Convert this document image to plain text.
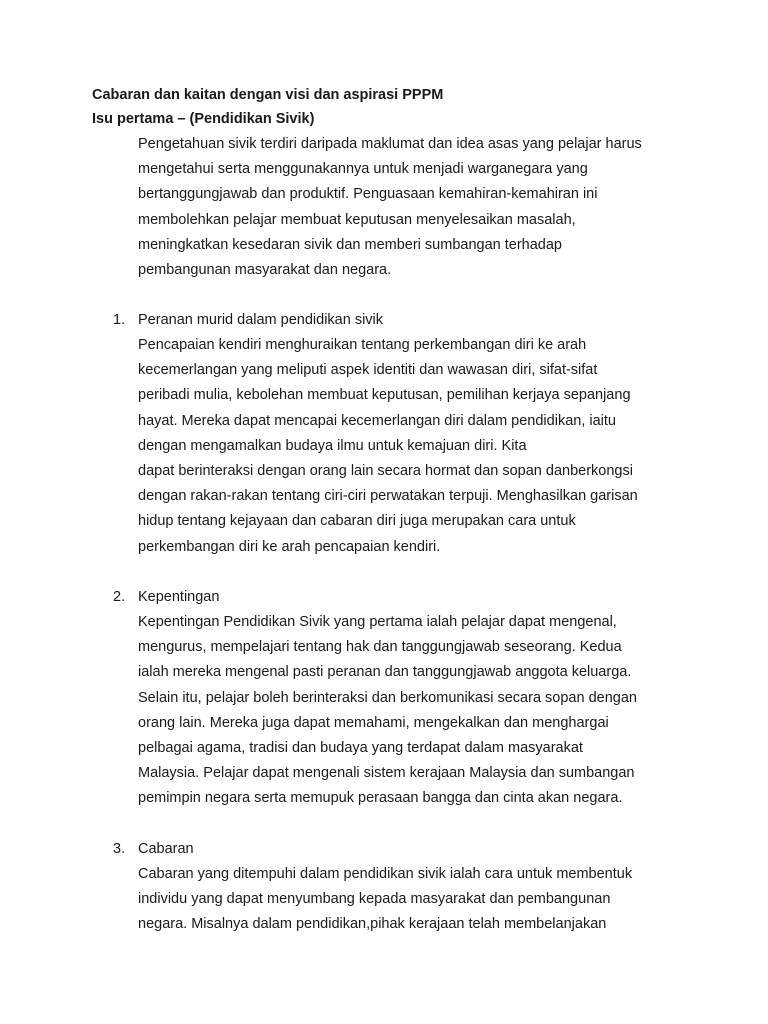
Cabaran dan kaitan dengan visi dan aspirasi PPPM
Isu pertama – (Pendidikan Sivik)
Pengetahuan sivik terdiri daripada maklumat dan idea asas yang pelajar harus
mengetahui serta menggunakannya untuk menjadi warganegara yang
bertanggungjawab dan produktif. Penguasaan kemahiran-kemahiran ini
membolehkan pelajar membuat keputusan menyelesaikan masalah,
meningkatkan kesedaran sivik dan memberi sumbangan terhadap
pembangunan masyarakat dan negara.
1. Peranan murid dalam pendidikan sivik
Pencapaian kendiri menghuraikan tentang perkembangan diri ke arah
kecemerlangan yang meliputi aspek identiti dan wawasan diri, sifat-sifat
peribadi mulia, kebolehan membuat keputusan, pemilihan kerjaya sepanjang
hayat. Mereka dapat mencapai kecemerlangan diri dalam pendidikan, iaitu
dengan mengamalkan budaya ilmu untuk kemajuan diri. Kita
dapat berinteraksi dengan orang lain secara hormat dan sopan danberkongsi
dengan rakan-rakan tentang ciri-ciri perwatakan terpuji. Menghasilkan garisan
hidup tentang kejayaan dan cabaran diri juga merupakan cara untuk
perkembangan diri ke arah pencapaian kendiri.
2. Kepentingan
Kepentingan Pendidikan Sivik yang pertama ialah pelajar dapat mengenal,
mengurus, mempelajari tentang hak dan tanggungjawab seseorang. Kedua
ialah mereka mengenal pasti peranan dan tanggungjawab anggota keluarga.
Selain itu, pelajar boleh berinteraksi dan berkomunikasi secara sopan dengan
orang lain. Mereka juga dapat memahami, mengekalkan dan menghargai
pelbagai agama, tradisi dan budaya yang terdapat dalam masyarakat
Malaysia. Pelajar dapat mengenali sistem kerajaan Malaysia dan sumbangan
pemimpin negara serta memupuk perasaan bangga dan cinta akan negara.
3. Cabaran
Cabaran yang ditempuhi dalam pendidikan sivik ialah cara untuk membentuk
individu yang dapat menyumbang kepada masyarakat dan pembangunan
negara. Misalnya dalam pendidikan,pihak kerajaan telah membelanjakan
